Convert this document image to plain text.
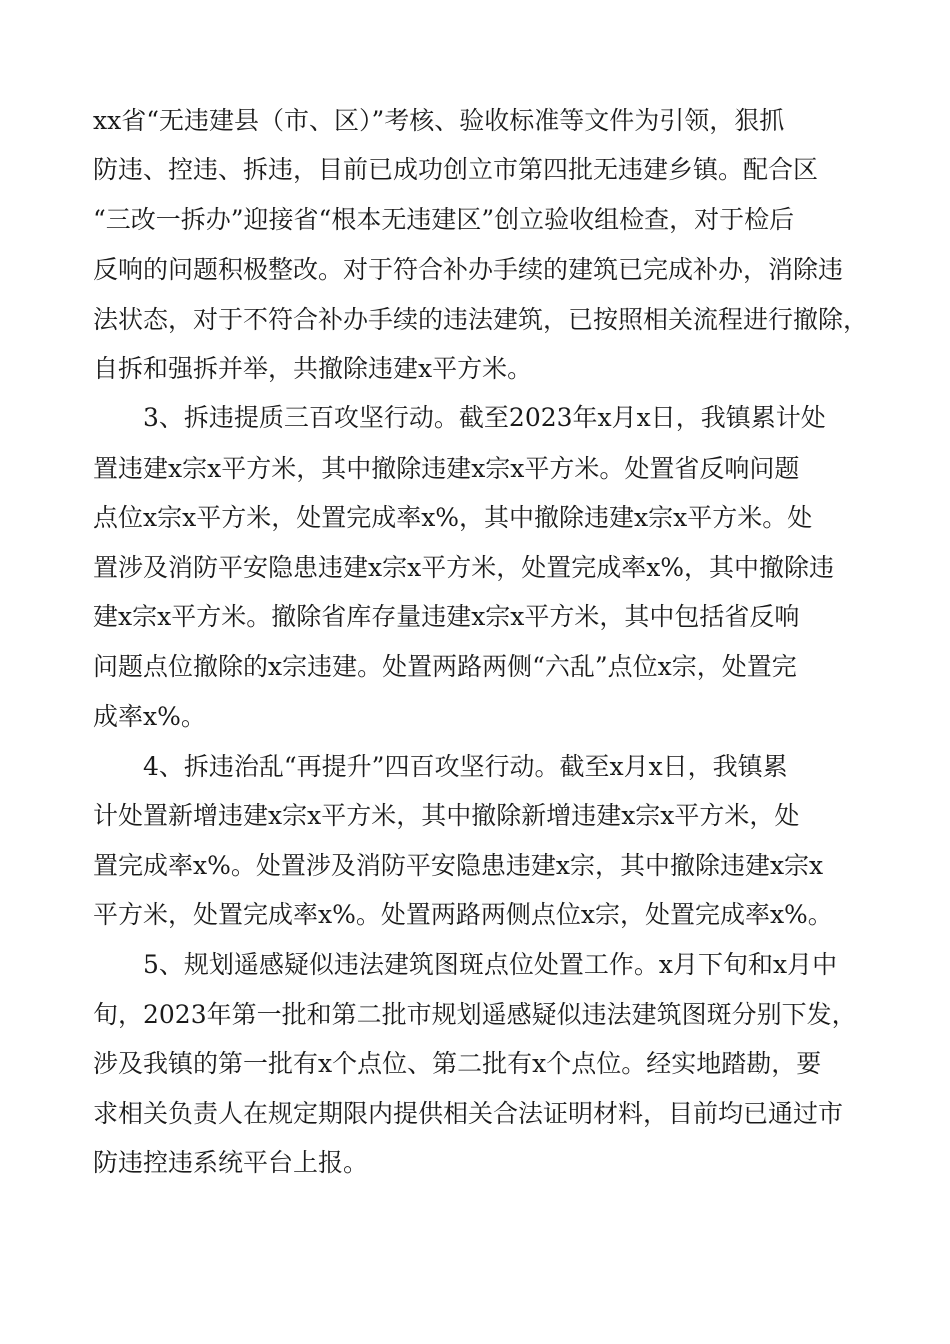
xx省“无违建县（市、区）”考核、验收标准等文件为引领，狠抓
防违、控违、拆违，目前已成功创立市第四批无违建乡镇。配合区
“三改一拆办”迎接省“根本无违建区”创立验收组检查，对于检后
反响的问题积极整改。对于符合补办手续的建筑已完成补办，消除违
法状态，对于不符合补办手续的违法建筑，已按照相关流程进行撤除，
自拆和强拆并举，共撤除违建x平方米。
3、拆违提质三百攻坚行动。截至2023年x月x日，我镇累计处
置违建x宗x平方米，其中撤除违建x宗x平方米。处置省反响问题
点位x宗x平方米，处置完成率x%，其中撤除违建x宗x平方米。处
置涉及消防平安隐患违建x宗x平方米，处置完成率x%，其中撤除违
建x宗x平方米。撤除省库存量违建x宗x平方米，其中包括省反响
问题点位撤除的x宗违建。处置两路两侧“六乱”点位x宗，处置完
成率x%。
4、拆违治乱“再提升”四百攻坚行动。截至x月x日，我镇累
计处置新增违建x宗x平方米，其中撤除新增违建x宗x平方米，处
置完成率x%。处置涉及消防平安隐患违建x宗，其中撤除违建x宗x
平方米，处置完成率x%。处置两路两侧点位x宗，处置完成率x%。
5、规划遥感疑似违法建筑图斑点位处置工作。x月下旬和x月中
旬，2023年第一批和第二批市规划遥感疑似违法建筑图斑分别下发，
涉及我镇的第一批有x个点位、第二批有x个点位。经实地踏勘，要
求相关负责人在规定期限内提供相关合法证明材料，目前均已通过市
防违控违系统平台上报。
